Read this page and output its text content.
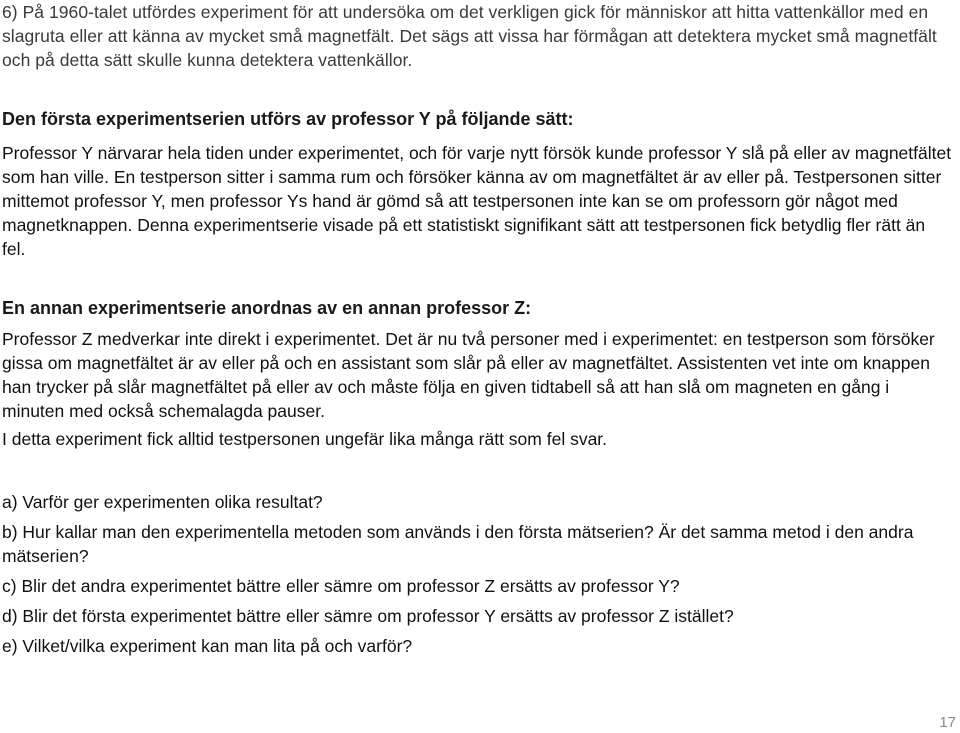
6) På 1960-talet utfördes experiment för att undersöka om det verkligen gick för människor att hitta vattenkällor med en slagruta eller att känna av mycket små magnetfält. Det sägs att vissa har förmågan att detektera mycket små magnetfält och på detta sätt skulle kunna detektera vattenkällor.

Den första experimentserien utförs av professor Y på följande sätt:

Professor Y närvarar hela tiden under experimentet, och för varje nytt försök kunde professor Y slå på eller av magnetfältet som han ville. En testperson sitter i samma rum och försöker känna av om magnetfältet är av eller på. Testpersonen sitter mittemot professor Y, men professor Ys hand är gömd så att testpersonen inte kan se om professorn gör något med magnetknappen. Denna experimentserie visade på ett statistiskt signifikant sätt att testpersonen fick betydlig fler rätt än fel.

En annan experimentserie anordnas av en annan professor Z:

Professor Z medverkar inte direkt i experimentet. Det är nu två personer med i experimentet: en testperson som försöker gissa om magnetfältet är av eller på och en assistant som slår på eller av magnetfältet. Assistenten vet inte om knappen han trycker på slår magnetfältet på eller av och måste följa en given tidtabell så att han slå om magneten en gång i minuten med också schemalagda pauser.

I detta experiment fick alltid testpersonen ungefär lika många rätt som fel svar.

a) Varför ger experimenten olika resultat?
b) Hur kallar man den experimentella metoden som används i den första mätserien? Är det samma metod i den andra mätserien?
c) Blir det andra experimentet bättre eller sämre om professor Z ersätts av professor Y?
d) Blir det första experimentet bättre eller sämre om professor Y ersätts av professor Z istället?
e) Vilket/vilka experiment kan man lita på och varför?
17
